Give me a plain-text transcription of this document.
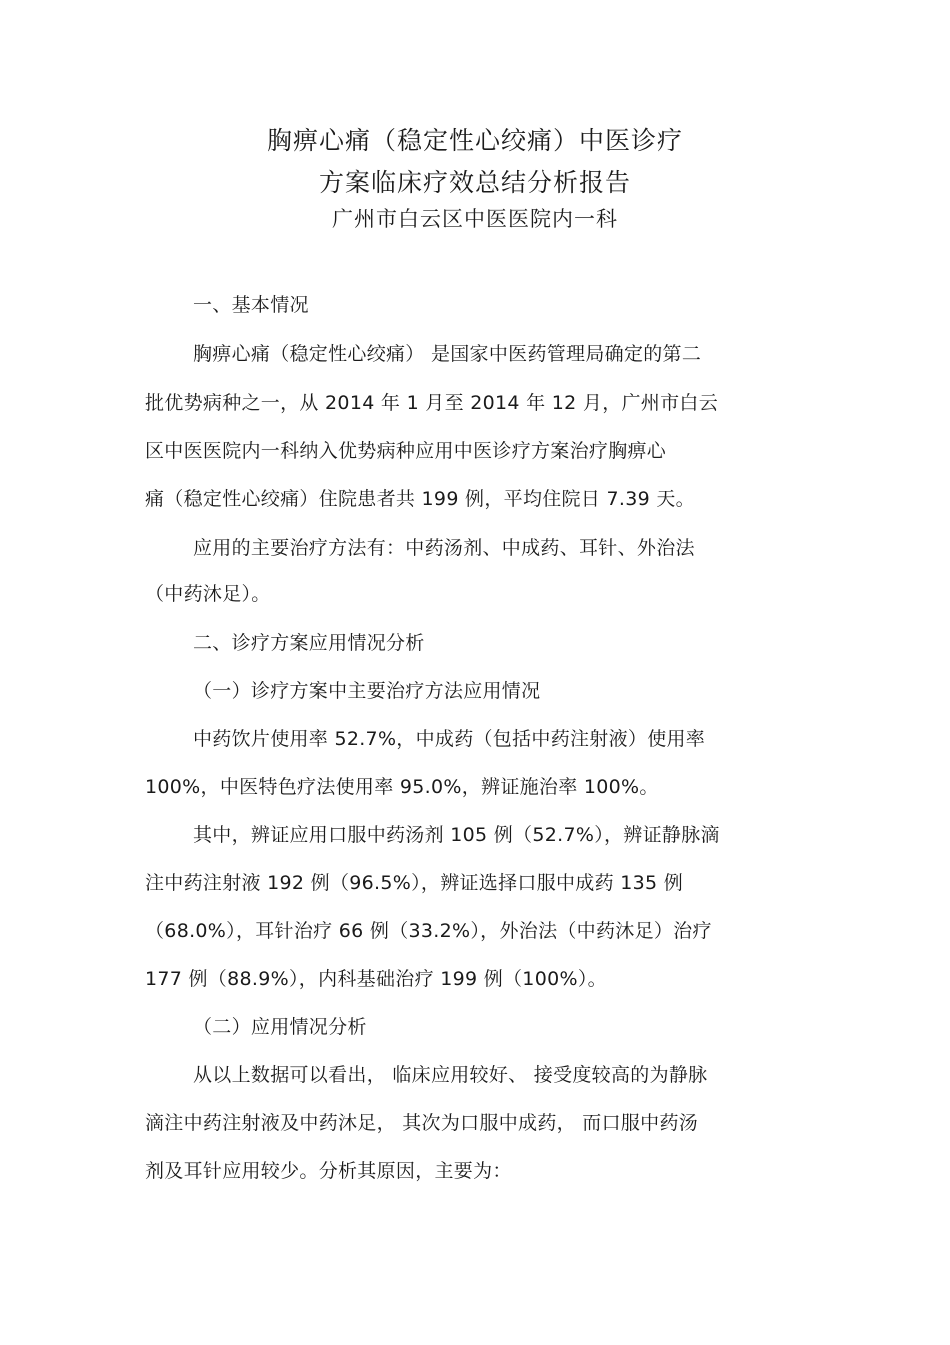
胸痹心痛（稳定性心绞痛）中医诊疗
方案临床疗效总结分析报告
广州市白云区中医医院内一科
一、基本情况
胸痹心痛（稳定性心绞痛） 是国家中医药管理局确定的第二
批优势病种之一，从 2014 年 1 月至 2014 年 12 月，广州市白云
区中医医院内一科纳入优势病种应用中医诊疗方案治疗胸痹心
痛（稳定性心绞痛）住院患者共 199 例，平均住院日 7.39 天。
应用的主要治疗方法有：中药汤剂、中成药、耳针、外治法
（中药沐足）。
二、诊疗方案应用情况分析
（一）诊疗方案中主要治疗方法应用情况
中药饮片使用率 52.7%，中成药（包括中药注射液）使用率
100%，中医特色疗法使用率 95.0%，辨证施治率 100%。
其中，辨证应用口服中药汤剂 105 例（52.7%），辨证静脉滴
注中药注射液 192 例（96.5%），辨证选择口服中成药 135 例
（68.0%），耳针治疗 66 例（33.2%），外治法（中药沐足）治疗
177 例（88.9%），内科基础治疗 199 例（100%）。
（二）应用情况分析
从以上数据可以看出， 临床应用较好、 接受度较高的为静脉
滴注中药注射液及中药沐足， 其次为口服中成药， 而口服中药汤
剂及耳针应用较少。分析其原因，主要为：
